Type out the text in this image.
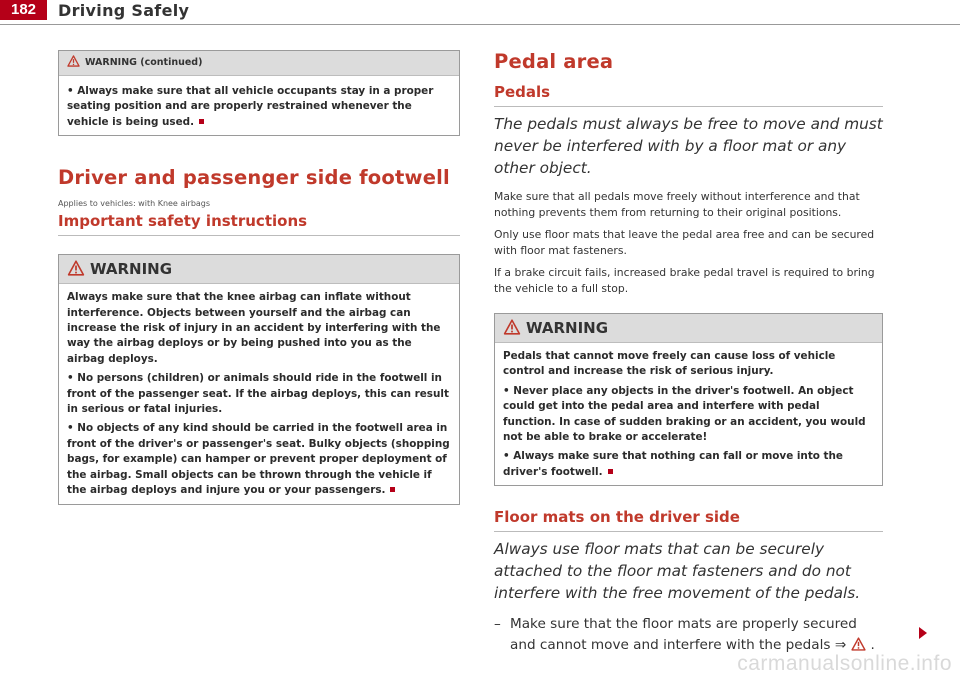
182	Driving Safely
WARNING (continued)

• Always make sure that all vehicle occupants stay in a proper seating position and are properly restrained whenever the vehicle is being used.

Driver and passenger side footwell
Applies to vehicles: with Knee airbags
Important safety instructions
WARNING

Always make sure that the knee airbag can inflate without interference. Objects between yourself and the airbag can increase the risk of injury in an accident by interfering with the way the airbag deploys or by being pushed into you as the airbag deploys.

• No persons (children) or animals should ride in the footwell in front of the passenger seat. If the airbag deploys, this can result in serious or fatal injuries.

• No objects of any kind should be carried in the footwell area in front of the driver's or passenger's seat. Bulky objects (shopping bags, for example) can hamper or prevent proper deployment of the airbag. Small objects can be thrown through the vehicle if the airbag deploys and injure you or your passengers.

Pedal area
Pedals

The pedals must always be free to move and must never be interfered with by a floor mat or any other object.

Make sure that all pedals move freely without interference and that nothing prevents them from returning to their original positions.

Only use floor mats that leave the pedal area free and can be secured with floor mat fasteners.

If a brake circuit fails, increased brake pedal travel is required to bring the vehicle to a full stop.

WARNING

Pedals that cannot move freely can cause loss of vehicle control and increase the risk of serious injury.

• Never place any objects in the driver's footwell. An object could get into the pedal area and interfere with pedal function. In case of sudden braking or an accident, you would not be able to brake or accelerate!

• Always make sure that nothing can fall or move into the driver's footwell.

Floor mats on the driver side

Always use floor mats that can be securely attached to the floor mat fasteners and do not interfere with the free movement of the pedals.

– Make sure that the floor mats are properly secured and cannot move and interfere with the pedals ⇒ .

carmanualsonline.info
